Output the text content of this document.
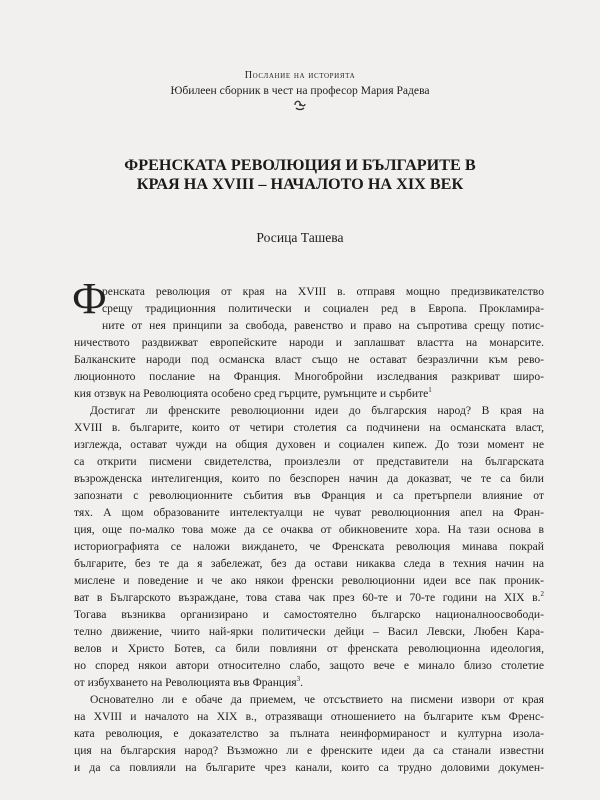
Послание на историята
Юбилеен сборник в чест на професор Мария Радева
ФРЕНСКАТА РЕВОЛЮЦИЯ И БЪЛГАРИТЕ В
КРАЯ НА XVIII – НАЧАЛОТО НА XIX ВЕК
Росица Ташева
Ф
ренската революция от края на XVIII в. отправя мощно предизвикателство
срещу традиционния политически и социален ред в Европа. Прокламира-
ните от нея принципи за свобода, равенство и право на съпротива срещу потис-
ничеството раздвижват европейските народи и заплашват властта на монарсите.
Балканските народи под османска власт също не остават безразлични към рево-
люционното послание на Франция. Многобройни изследвания разкриват широ-
кия отзвук на Революцията особено сред гърците, румънците и сърбите$^1$
Достигат ли френските революционни идеи до българския народ? В края на
XVIII в. българите, които от четири столетия са подчинени на османската власт,
изглежда, остават чужди на общия духовен и социален кипеж. До този момент не
са открити писмени свидетелства, произлезли от представители на българската
възрожденска интелигенция, които по безспорен начин да доказват, че те са били
запознати с революционните събития във Франция и са претърпели влияние от
тях. А щом образованите интелектуалци не чуват революционния апел на Фран-
ция, още по-малко това може да се очаква от обикновените хора. На тази основа в
историографията се наложи виждането, че Френската революция минава покрай
българите, без те да я забележат, без да остави никаква следа в техния начин на
мислене и поведение и че ако някои френски революционни идеи все пак проник-
ват в Българското възраждане, това става чак през 60-те и 70-те години на XIX в.$^2$
Тогава възниква организирано и самостоятелно българско националноосвободи-
телно движение, чиито най-ярки политически дейци – Васил Левски, Любен Кара-
велов и Христо Ботев, са били повлияни от френската революционна идеология,
но според някои автори относително слабо, защото вече е минало близо столетие
от избухването на Революцията във Франция$^3$.
Основателно ли е обаче да приемем, че отсъствието на писмени извори от края
на XVIII и началото на XIX в., отразяващи отношението на българите към Френс-
ката революция, е доказателство за пълната неинформираност и културна изола-
ция на българския народ? Възможно ли е френските идеи да са станали известни
и да са повлияли на българите чрез канали, които са трудно доловими докумен-
